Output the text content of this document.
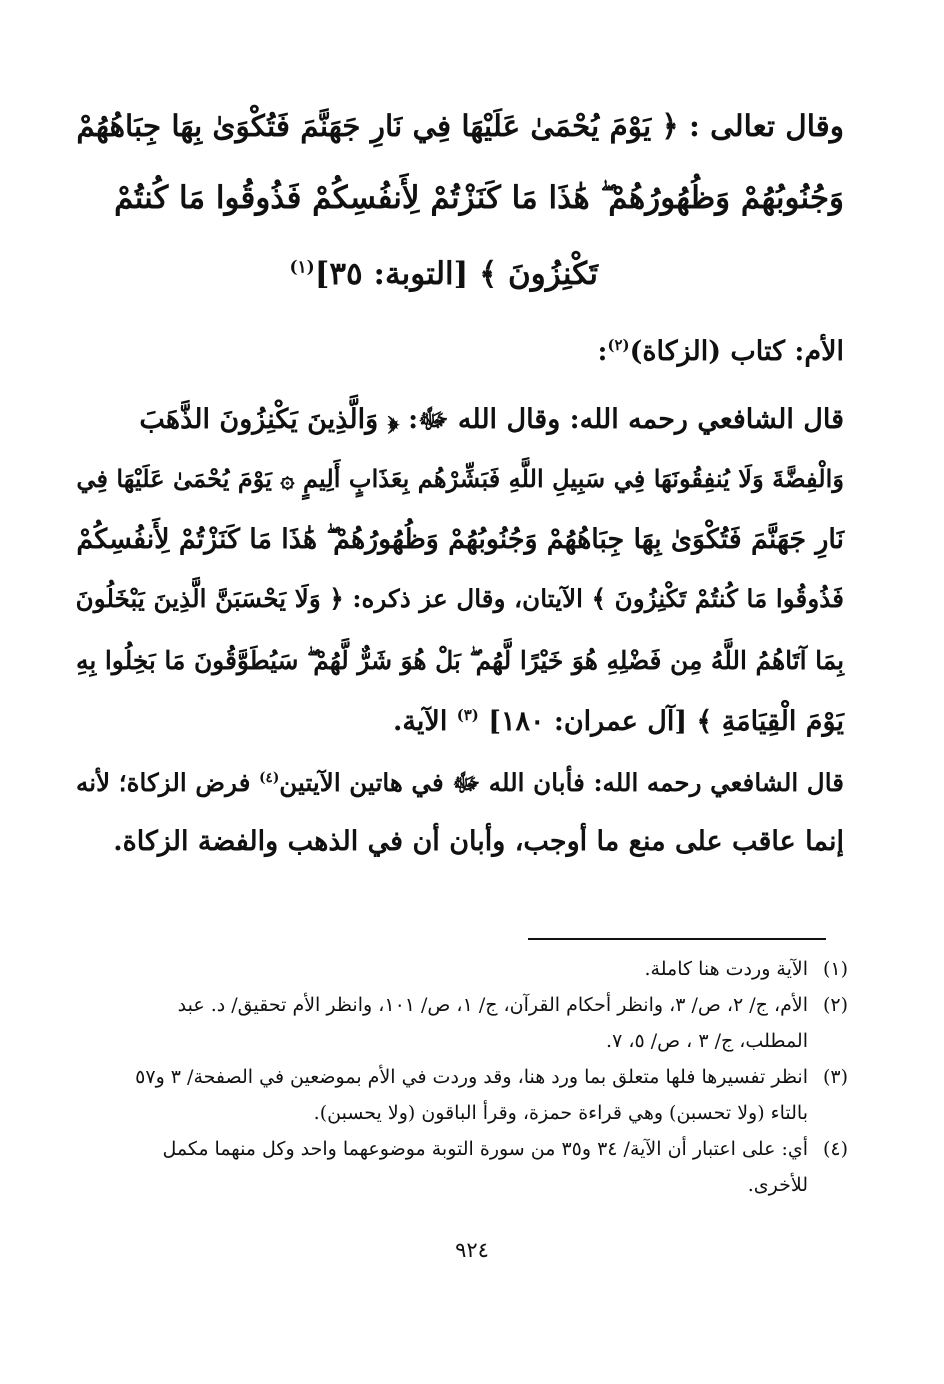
وقال تعالى : ﴿ يَوْمَ يُحْمَىٰ عَلَيْهَا فِي نَارِ جَهَنَّمَ فَتُكْوَىٰ بِهَا جِبَاهُهُمْ
وَجُنُوبُهُمْ وَظُهُورُهُمْ ۖ هَٰذَا مَا كَنَزْتُمْ لِأَنفُسِكُمْ فَذُوقُوا مَا كُنتُمْ
تَكْنِزُونَ ﴾ [التوبة: ٣٥]$^{(١)}$
الأم: كتاب (الزكاة)$^{(٢)}$:
قال الشافعي رحمه الله: وقال الله ﷻ: ﴿ وَالَّذِينَ يَكْنِزُونَ الذَّهَبَ
وَالْفِضَّةَ وَلَا يُنفِقُونَهَا فِي سَبِيلِ اللَّهِ فَبَشِّرْهُم بِعَذَابٍ أَلِيمٍ ۞ يَوْمَ يُحْمَىٰ عَلَيْهَا فِي
نَارِ جَهَنَّمَ فَتُكْوَىٰ بِهَا جِبَاهُهُمْ وَجُنُوبُهُمْ وَظُهُورُهُمْ ۖ هَٰذَا مَا كَنَزْتُمْ لِأَنفُسِكُمْ
فَذُوقُوا مَا كُنتُمْ تَكْنِزُونَ ﴾ الآيتان، وقال عز ذكره: ﴿ وَلَا يَحْسَبَنَّ الَّذِينَ يَبْخَلُونَ
بِمَا آتَاهُمُ اللَّهُ مِن فَضْلِهِ هُوَ خَيْرًا لَّهُم ۖ بَلْ هُوَ شَرٌّ لَّهُمْ ۖ سَيُطَوَّقُونَ مَا بَخِلُوا بِهِ
يَوْمَ الْقِيَامَةِ ﴾ [آل عمران: ١٨٠] $^{(٣)}$ الآية.
قال الشافعي رحمه الله: فأبان الله ﷻ في هاتين الآيتين$^{(٤)}$ فرض الزكاة؛ لأنه
إنما عاقب على منع ما أوجب، وأبان أن في الذهب والفضة الزكاة.
(١)
الآية وردت هنا كاملة.
(٢)
الأم، ج/ ٢، ص/ ٣، وانظر أحكام القرآن، ج/ ١، ص/ ١٠١، وانظر الأم تحقيق/ د. عبد
المطلب، ج/ ٣ ، ص/ ٥، ٧.
(٣)
انظر تفسيرها فلها متعلق بما ورد هنا، وقد وردت في الأم بموضعين في الصفحة/ ٣ و٥٧
بالتاء (ولا تحسبن) وهي قراءة حمزة، وقرأ الباقون (ولا يحسبن).
(٤)
أي: على اعتبار أن الآية/ ٣٤ و٣٥ من سورة التوبة موضوعهما واحد وكل منهما مكمل
للأخرى.
٩٢٤
